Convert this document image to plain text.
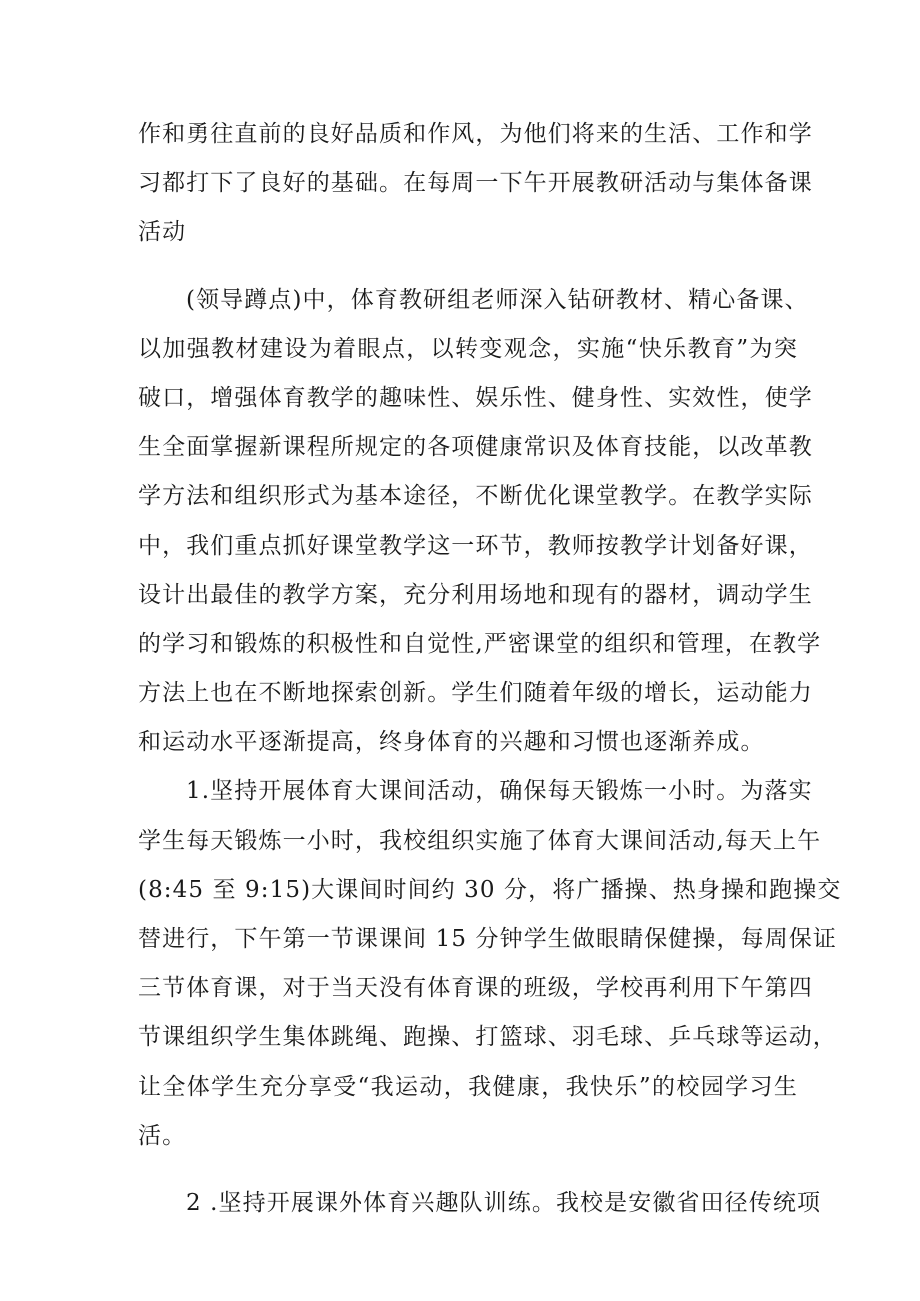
作和勇往直前的良好品质和作风，为他们将来的生活、工作和学
习都打下了良好的基础。在每周一下午开展教研活动与集体备课
活动
(领导蹲点)中，体育教研组老师深入钻研教材、精心备课、
以加强教材建设为着眼点，以转变观念，实施“快乐教育”为突
破口，增强体育教学的趣味性、娱乐性、健身性、实效性，使学
生全面掌握新课程所规定的各项健康常识及体育技能，以改革教
学方法和组织形式为基本途径，不断优化课堂教学。在教学实际
中，我们重点抓好课堂教学这一环节，教师按教学计划备好课，
设计出最佳的教学方案，充分利用场地和现有的器材，调动学生
的学习和锻炼的积极性和自觉性,严密课堂的组织和管理，在教学
方法上也在不断地探索创新。学生们随着年级的增长，运动能力
和运动水平逐渐提高，终身体育的兴趣和习惯也逐渐养成。
1.坚持开展体育大课间活动，确保每天锻炼一小时。为落实
学生每天锻炼一小时，我校组织实施了体育大课间活动,每天上午
(8:45 至 9:15)大课间时间约 30 分，将广播操、热身操和跑操交
替进行，下午第一节课课间 15 分钟学生做眼睛保健操，每周保证
三节体育课，对于当天没有体育课的班级，学校再利用下午第四
节课组织学生集体跳绳、跑操、打篮球、羽毛球、乒乓球等运动，
让全体学生充分享受“我运动，我健康，我快乐”的校园学习生
活。
2 .坚持开展课外体育兴趣队训练。我校是安徽省田径传统项
